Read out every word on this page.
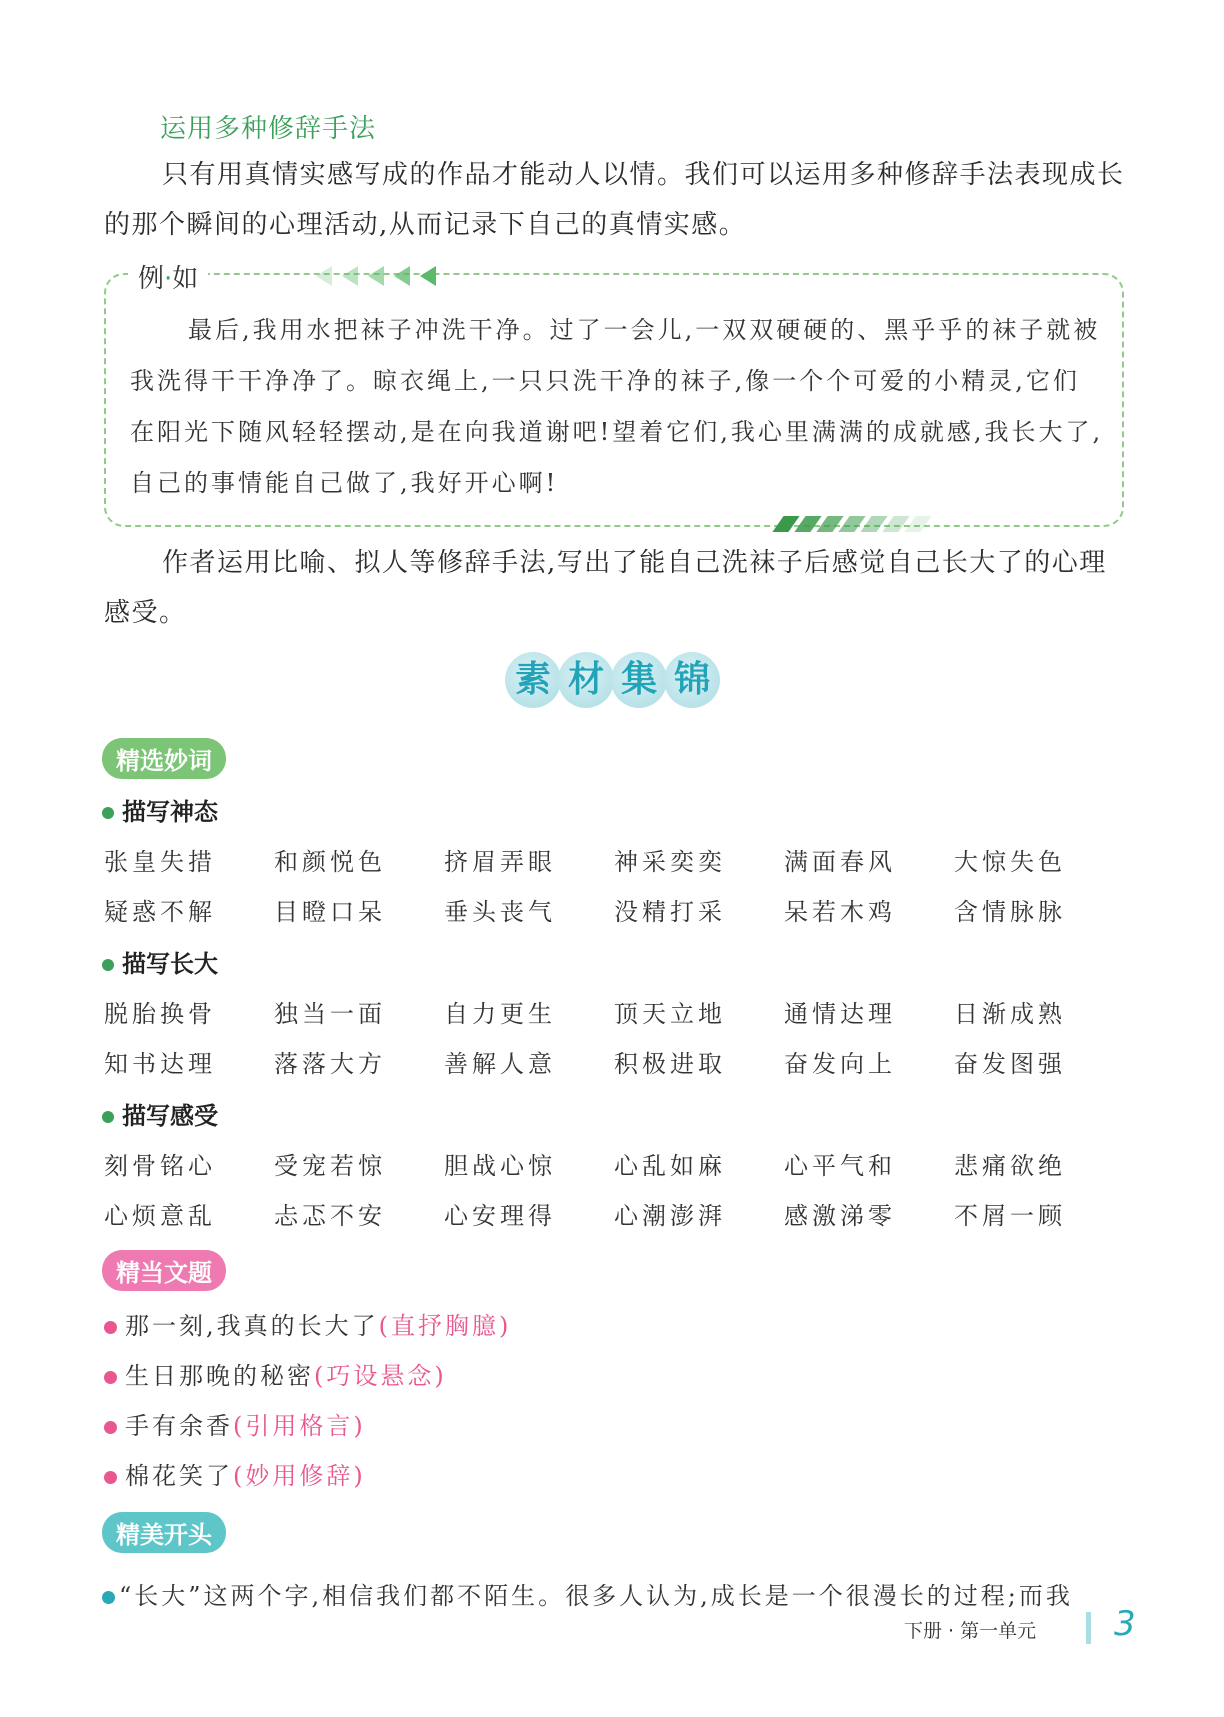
运用多种修辞手法
只有用真情实感写成的作品才能动人以情。我们可以运用多种修辞手法表现成长的那个瞬间的心理活动,从而记录下自己的真情实感。
例·如
最后,我用水把袜子冲洗干净。过了一会儿,一双双硬硬的、黑乎乎的袜子就被我洗得干干净净了。晾衣绳上,一只只洗干净的袜子,像一个个可爱的小精灵,它们在阳光下随风轻轻摆动,是在向我道谢吧!望着它们,我心里满满的成就感,我长大了,自己的事情能自己做了,我好开心啊!
作者运用比喻、拟人等修辞手法,写出了能自己洗袜子后感觉自己长大了的心理感受。
素 材 集 锦
精选妙词
描写神态
张皇失措 和颜悦色 挤眉弄眼 神采奕奕 满面春风 大惊失色
疑惑不解 目瞪口呆 垂头丧气 没精打采 呆若木鸡 含情脉脉
描写长大
脱胎换骨 独当一面 自力更生 顶天立地 通情达理 日渐成熟
知书达理 落落大方 善解人意 积极进取 奋发向上 奋发图强
描写感受
刻骨铭心 受宠若惊 胆战心惊 心乱如麻 心平气和 悲痛欲绝
心烦意乱 忐忑不安 心安理得 心潮澎湃 感激涕零 不屑一顾
精当文题
那一刻,我真的长大了(直抒胸臆)
生日那晚的秘密(巧设悬念)
手有余香(引用格言)
棉花笑了(妙用修辞)
精美开头
“长大”这两个字,相信我们都不陌生。很多人认为,成长是一个很漫长的过程;而我
下册 · 第一单元 3
